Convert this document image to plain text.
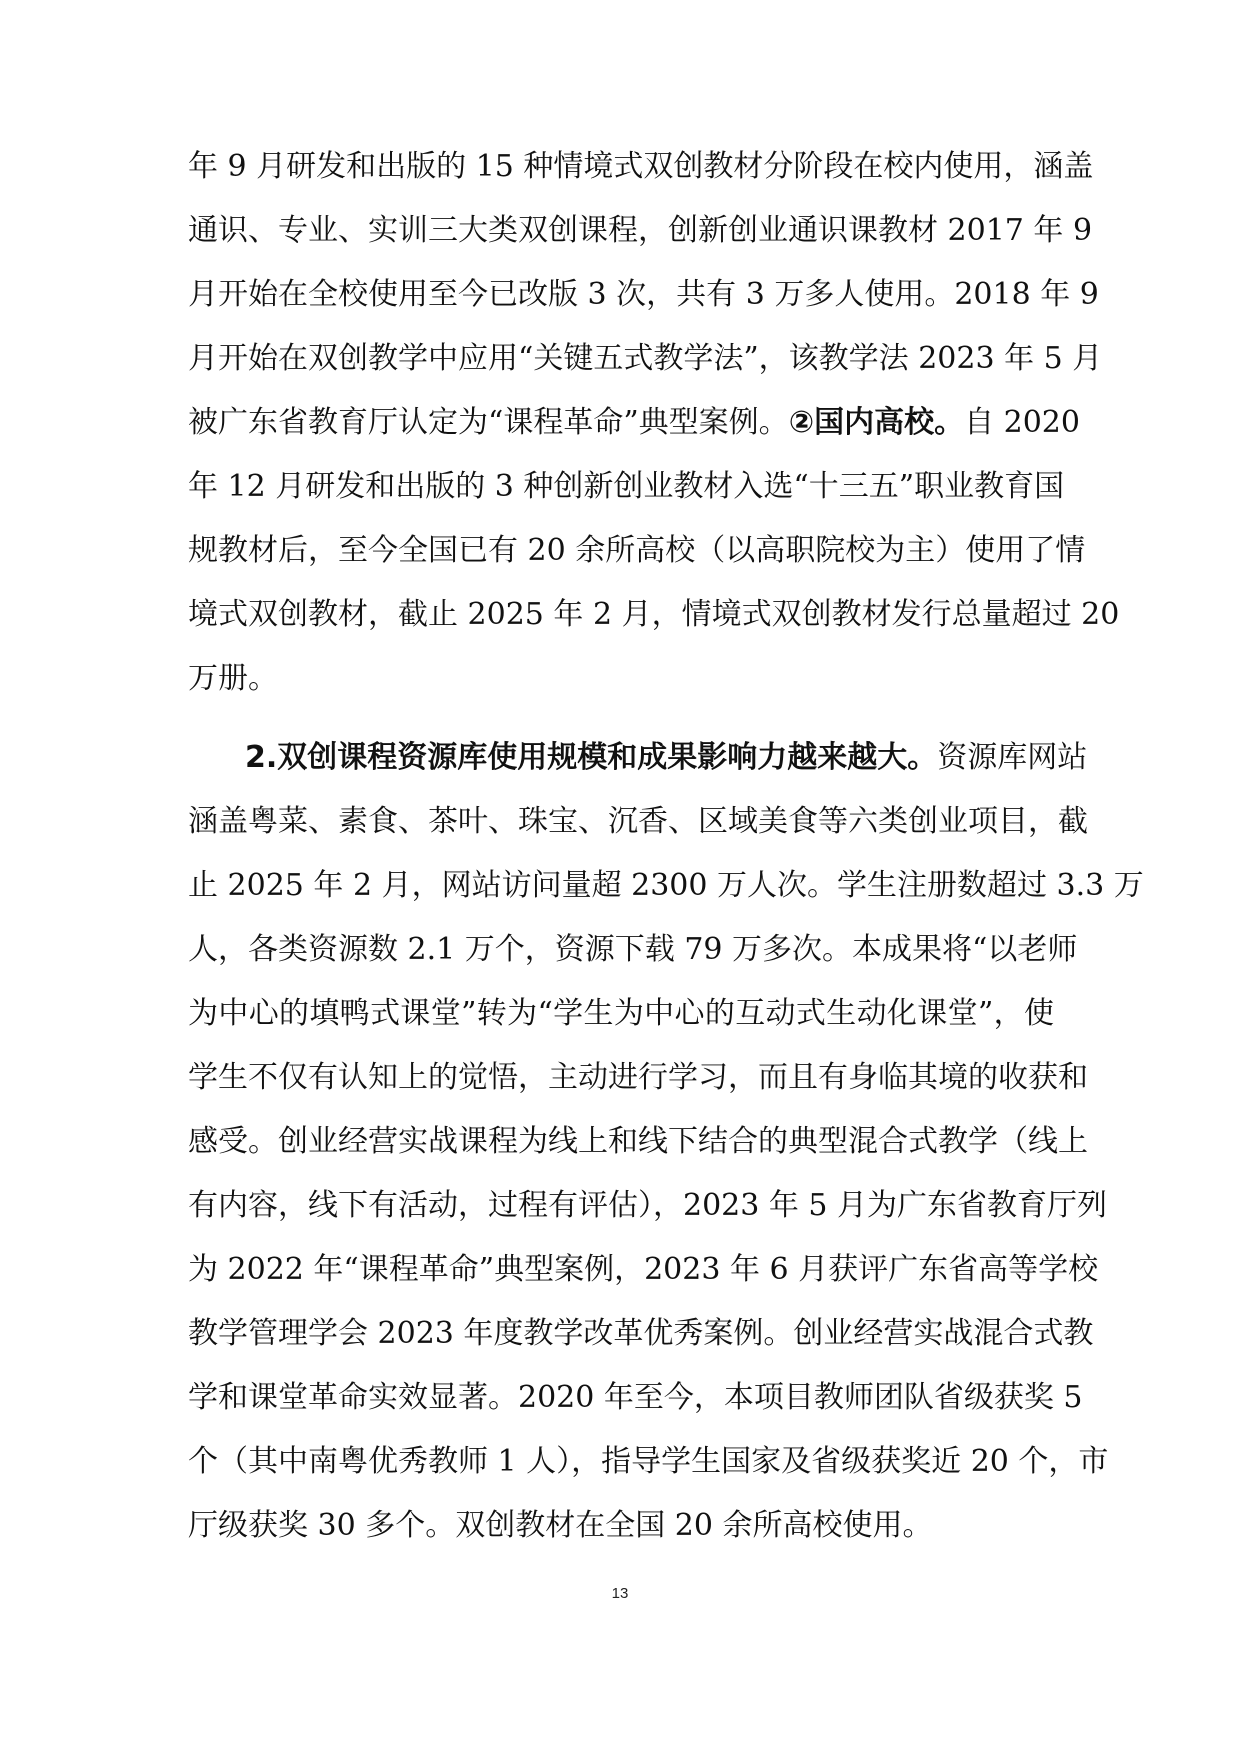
年 9 月研发和出版的 15 种情境式双创教材分阶段在校内使用，涵盖
通识、专业、实训三大类双创课程，创新创业通识课教材 2017 年 9
月开始在全校使用至今已改版 3 次，共有 3 万多人使用。2018 年 9
月开始在双创教学中应用“关键五式教学法”，该教学法 2023 年 5 月
被广东省教育厅认定为“课程革命”典型案例。②国内高校。自 2020
年 12 月研发和出版的 3 种创新创业教材入选“十三五”职业教育国
规教材后，至今全国已有 20 余所高校（以高职院校为主）使用了情
境式双创教材，截止 2025 年 2 月，情境式双创教材发行总量超过 20
万册。
2.双创课程资源库使用规模和成果影响力越来越大。资源库网站
涵盖粤菜、素食、茶叶、珠宝、沉香、区域美食等六类创业项目，截
止 2025 年 2 月，网站访问量超 2300 万人次。学生注册数超过 3.3 万
人，各类资源数 2.1 万个，资源下载 79 万多次。本成果将“以老师
为中心的填鸭式课堂”转为“学生为中心的互动式生动化课堂”，使
学生不仅有认知上的觉悟，主动进行学习，而且有身临其境的收获和
感受。创业经营实战课程为线上和线下结合的典型混合式教学（线上
有内容，线下有活动，过程有评估），2023 年 5 月为广东省教育厅列
为 2022 年“课程革命”典型案例，2023 年 6 月获评广东省高等学校
教学管理学会 2023 年度教学改革优秀案例。创业经营实战混合式教
学和课堂革命实效显著。2020 年至今，本项目教师团队省级获奖 5
个（其中南粤优秀教师 1 人），指导学生国家及省级获奖近 20 个，市
厅级获奖 30 多个。双创教材在全国 20 余所高校使用。
13
